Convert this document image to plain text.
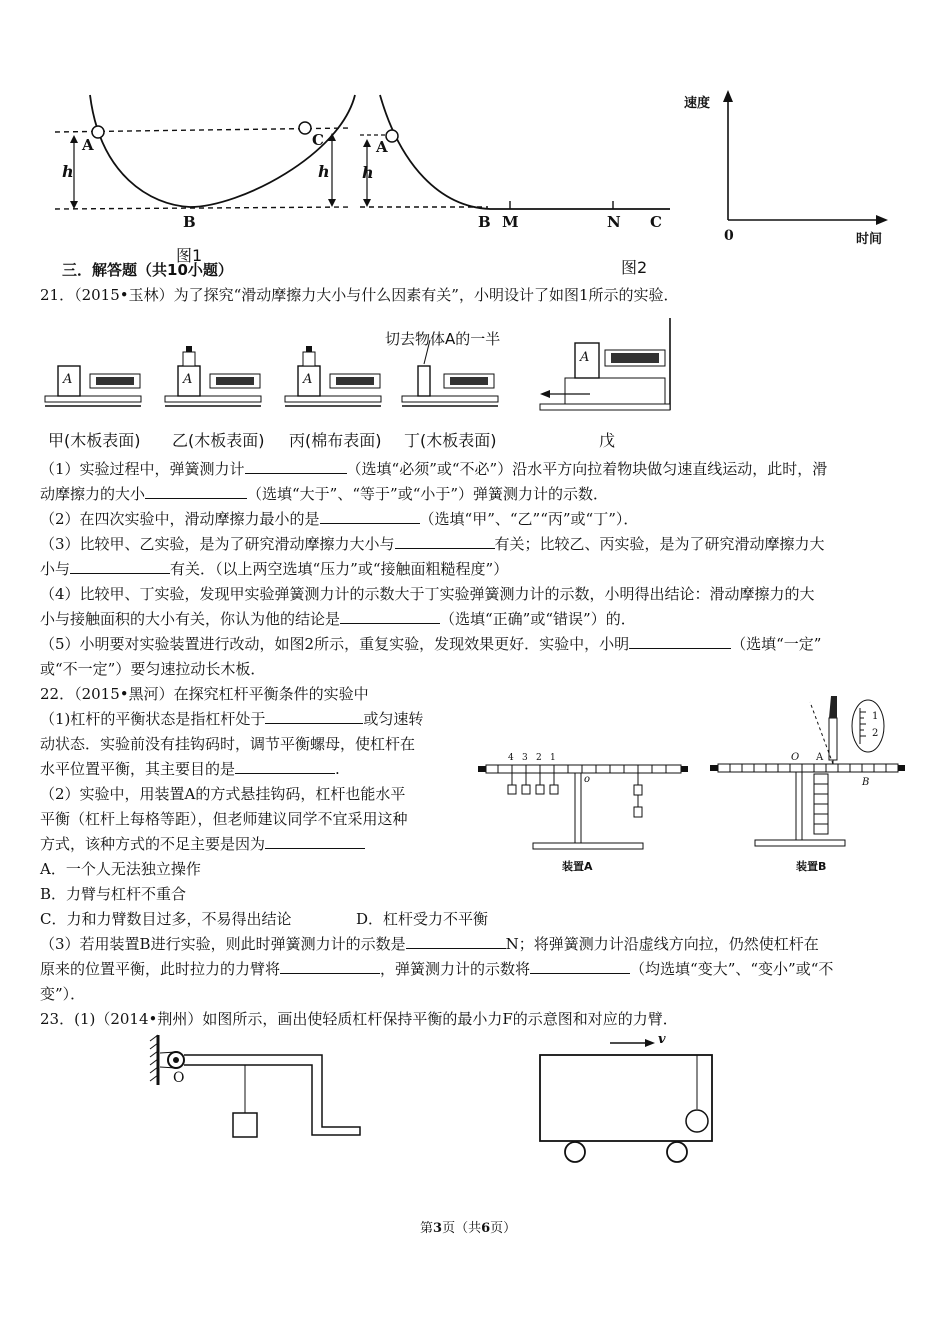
A	C
B
h	h
图1
A
h
B M	N C
图2
速度
0	时间
三．解答题（共10小题）
21．（2015•玉林）为了探究“滑动摩擦力大小与什么因素有关”，小明设计了如图1所示的实验．
A	A	A
A
切去物体A的一半
甲(木板表面) 乙(木板表面) 丙(棉布表面) 丁(木板表面)	戊
（1）实验过程中，弹簧测力计	（选填“必须”或“不必”）沿水平方向拉着物块做匀速直线运动，此时，滑
动摩擦力的大小	（选填“大于”、“等于”或“小于”）弹簧测力计的示数．
（2）在四次实验中，滑动摩擦力最小的是	（选填“甲”、“乙”“丙”或“丁”）．
（3）比较甲、乙实验，是为了研究滑动摩擦力大小与	有关；比较乙、丙实验，是为了研究滑动摩擦力大
小与	有关．（以上两空选填“压力”或“接触面粗糙程度”）
（4）比较甲、丁实验，发现甲实验弹簧测力计的示数大于丁实验弹簧测力计的示数，小明得出结论：滑动摩擦力的大
小与接触面积的大小有关，你认为他的结论是	（选填“正确”或“错误”）的．
（5）小明要对实验装置进行改动，如图2所示，重复实验，发现效果更好．实验中，小明	（选填“一定”
或“不一定”）要匀速拉动长木板．
22．（2015•黑河）在探究杠杆平衡条件的实验中
（1)杠杆的平衡状态是指杠杆处于	或匀速转
动状态．实验前没有挂钩码时，调节平衡螺母，使杠杆在
水平位置平衡，其主要目的是	.
（2）实验中，用装置A的方式悬挂钩码，杠杆也能水平
平衡（杠杆上每格等距），但老师建议同学不宜采用这种
方式，该种方式的不足主要是因为
A．一个人无法独立操作
B．力臂与杠杆不重合
C．力和力臂数目过多，不易得出结论	D．杠杆受力不平衡
（3）若用装置B进行实验，则此时弹簧测力计的示数是	N；将弹簧测力计沿虚线方向拉，仍然使杠杆在
原来的位置平衡，此时拉力的力臂将	，弹簧测力计的示数将	（均选填“变大”、“变小”或“不
变”）．
4 3 2 1
o
装置A
O A
B
1
2
装置B
23．(1)（2014•荆州）如图所示，画出使轻质杠杆保持平衡的最小力F的示意图和对应的力臂．
O
v
第3页（共6页）
